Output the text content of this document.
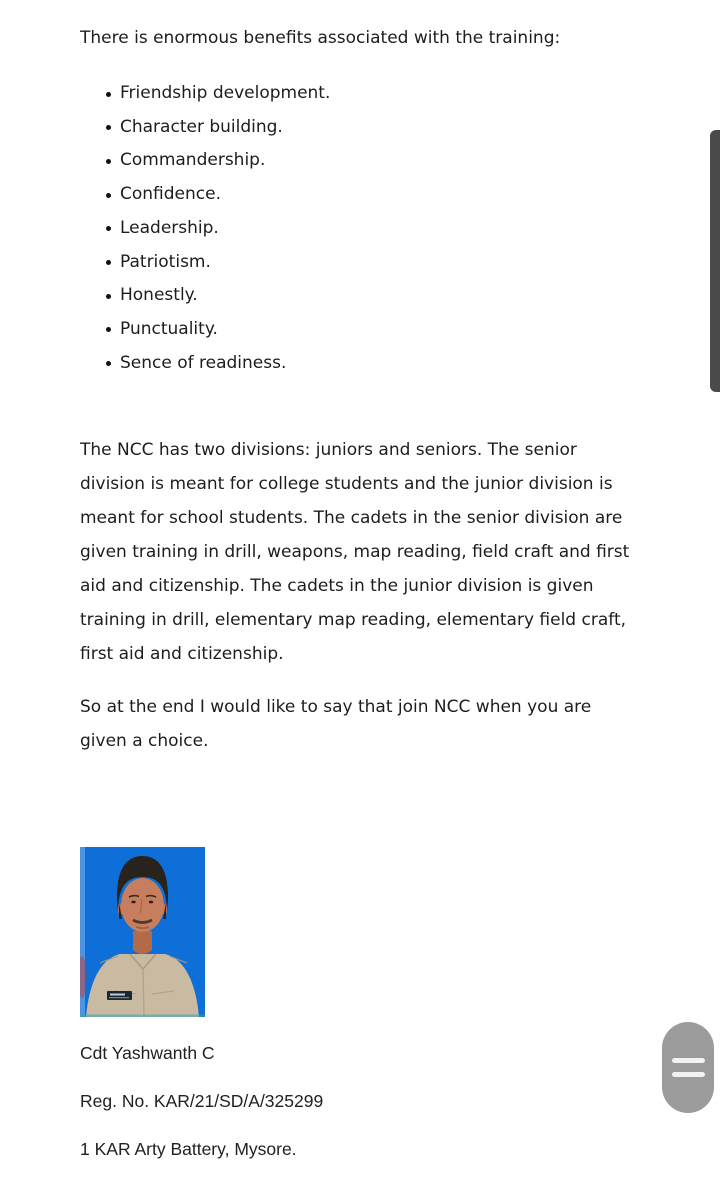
There is enormous benefits associated with the training:

Friendship development.
Character building.
Commandership.
Confidence.
Leadership.
Patriotism.
Honestly.
Punctuality.
Sence of readiness.

The NCC has two divisions: juniors and seniors. The senior division is meant for college students and the junior division is meant for school students. The cadets in the senior division are given training in drill, weapons, map reading, field craft and first aid and citizenship. The cadets in the junior division is given training in drill, elementary map reading, elementary field craft, first aid and citizenship.

So at the end I would like to say that join NCC when you are given a choice.

Cdt Yashwanth C

Reg. No. KAR/21/SD/A/325299

1 KAR Arty Battery, Mysore.
